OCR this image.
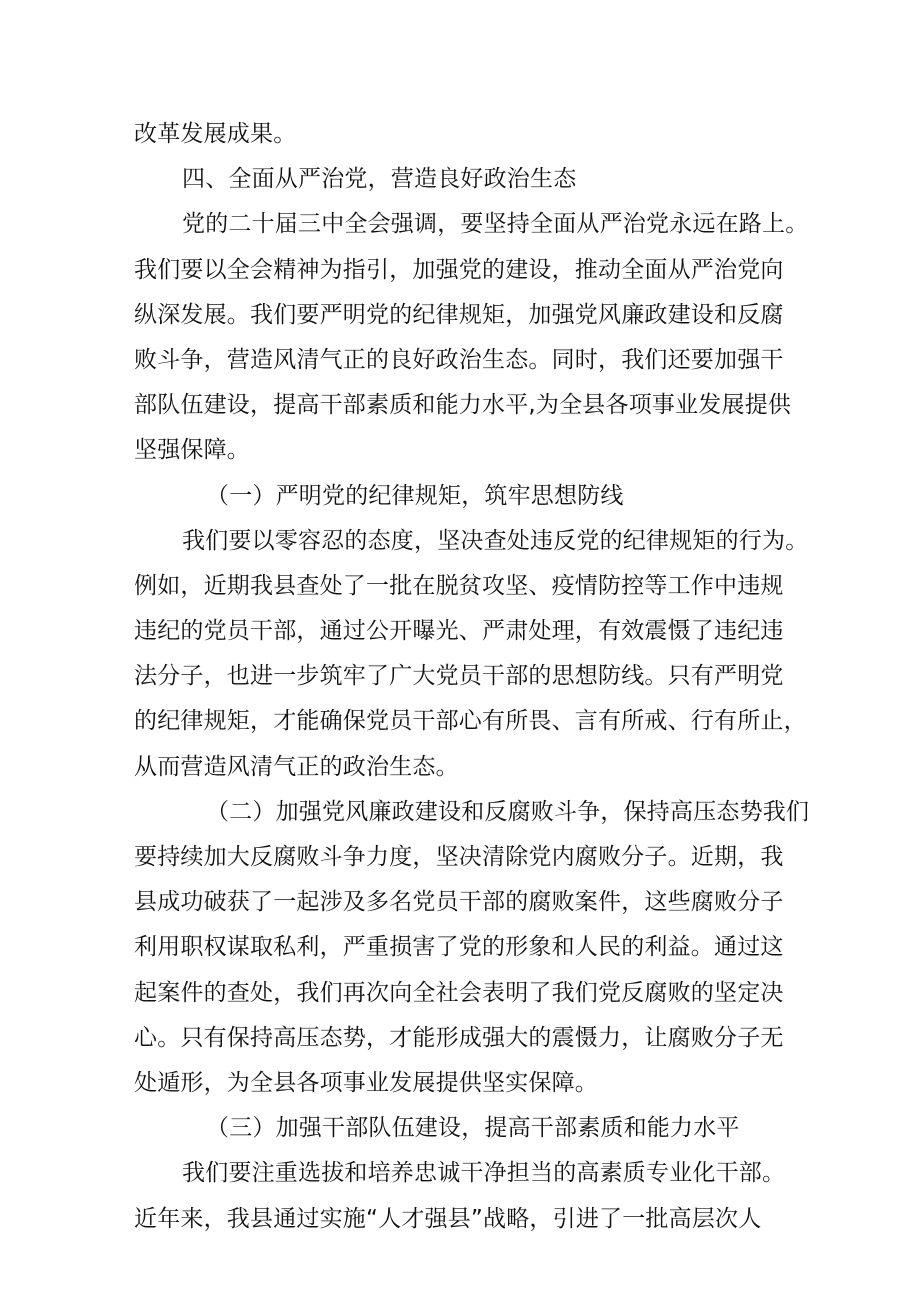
改革发展成果。
四、全面从严治党，营造良好政治生态
党的二十届三中全会强调，要坚持全面从严治党永远在路上。
我们要以全会精神为指引，加强党的建设，推动全面从严治党向
纵深发展。我们要严明党的纪律规矩，加强党风廉政建设和反腐
败斗争，营造风清气正的良好政治生态。同时，我们还要加强干
部队伍建设，提高干部素质和能力水平,为全县各项事业发展提供
坚强保障。
（一）严明党的纪律规矩，筑牢思想防线
我们要以零容忍的态度，坚决查处违反党的纪律规矩的行为。
例如，近期我县查处了一批在脱贫攻坚、疫情防控等工作中违规
违纪的党员干部，通过公开曝光、严肃处理，有效震慑了违纪违
法分子，也进一步筑牢了广大党员干部的思想防线。只有严明党
的纪律规矩，才能确保党员干部心有所畏、言有所戒、行有所止，
从而营造风清气正的政治生态。
（二）加强党风廉政建设和反腐败斗争，保持高压态势我们
要持续加大反腐败斗争力度，坚决清除党内腐败分子。近期，我
县成功破获了一起涉及多名党员干部的腐败案件，这些腐败分子
利用职权谋取私利，严重损害了党的形象和人民的利益。通过这
起案件的查处，我们再次向全社会表明了我们党反腐败的坚定决
心。只有保持高压态势，才能形成强大的震慑力，让腐败分子无
处遁形，为全县各项事业发展提供坚实保障。
（三）加强干部队伍建设，提高干部素质和能力水平
我们要注重选拔和培养忠诚干净担当的高素质专业化干部。
近年来，我县通过实施“人才强县”战略，引进了一批高层次人
